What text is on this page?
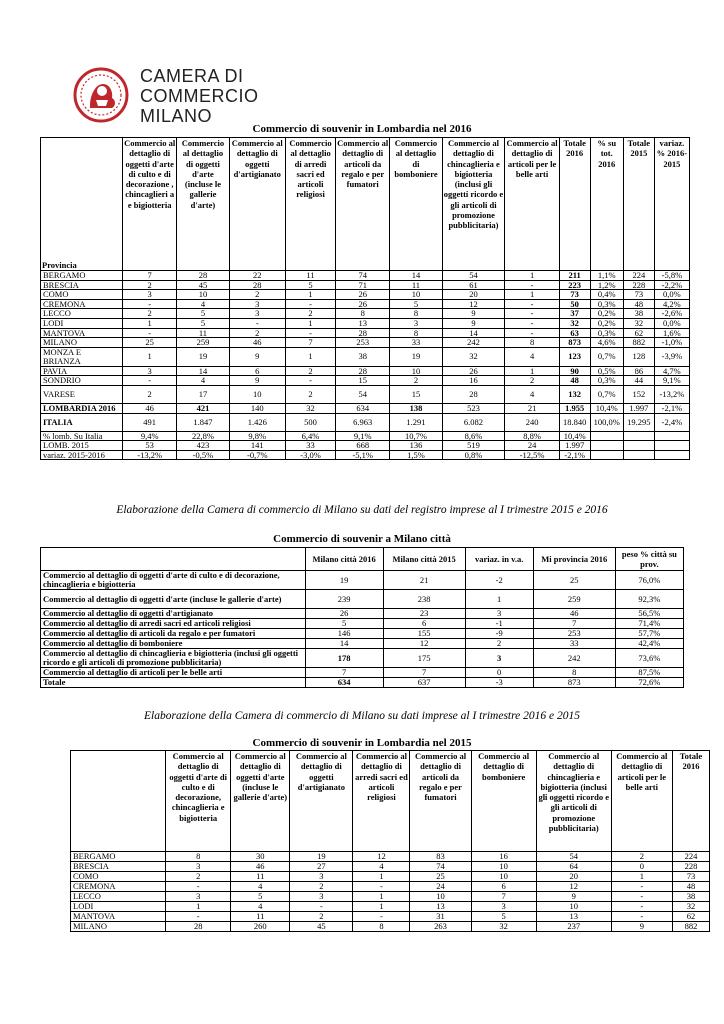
CAMERA DI
COMMERCIO
MILANO
Commercio di souvenir in Lombardia nel 2016
Provincia	Commercio al dettaglio di oggetti d'arte di culto e di decorazione , chincaglieri a e bigiotteria	Commercio al dettaglio di oggetti d'arte (incluse le gallerie d'arte)	Commercio al dettaglio di oggetti d'artigianato	Commercio al dettaglio di arredi sacri ed articoli religiosi	Commercio al dettaglio di articoli da regalo e per fumatori	Commercio al dettaglio di bomboniere	Commercio al dettaglio di chincaglieria e bigiotteria (inclusi gli oggetti ricordo e gli articoli di promozione pubblicitaria)	Commercio al dettaglio di articoli per le belle arti	Totale 2016	% su tot. 2016	Totale 2015	variaz. % 2016-2015
BERGAMO	7	28	22	11	74	14	54	1	211	1,1%	224	-5,8%
BRESCIA	2	45	28	5	71	11	61	-	223	1,2%	228	-2,2%
COMO	3	10	2	1	26	10	20	1	73	0,4%	73	0,0%
CREMONA	-	4	3	-	26	5	12	-	50	0,3%	48	4,2%
LECCO	2	5	3	2	8	8	9	-	37	0,2%	38	-2,6%
LODI	1	5	-	1	13	3	9	-	32	0,2%	32	0,0%
MANTOVA	-	11	2	-	28	8	14	-	63	0,3%	62	1,6%
MILANO	25	259	46	7	253	33	242	8	873	4,6%	882	-1,0%
MONZA E BRIANZA	1	19	9	1	38	19	32	4	123	0,7%	128	-3,9%
PAVIA	3	14	6	2	28	10	26	1	90	0,5%	86	4,7%
SONDRIO	-	4	9	-	15	2	16	2	48	0,3%	44	9,1%
VARESE	2	17	10	2	54	15	28	4	132	0,7%	152	-13,2%
LOMBARDIA 2016	46	421	140	32	634	138	523	21	1.955	10,4%	1.997	-2,1%
ITALIA	491	1.847	1.426	500	6.963	1.291	6.082	240	18.840	100,0%	19.295	-2,4%
% lomb. Su Italia	9,4%	22,8%	9,8%	6,4%	9,1%	10,7%	8,6%	8,8%	10,4%			
LOMB. 2015	53	423	141	33	668	136	519	24	1.997			
variaz. 2015-2016	-13,2%	-0,5%	-0,7%	-3,0%	-5,1%	1,5%	0,8%	-12,5%	-2,1%			
Elaborazione della Camera di commercio di Milano su dati del registro imprese al I trimestre 2015 e 2016
Commercio di souvenir a Milano città
	Milano città 2016	Milano città 2015	variaz. in v.a.	Mi provincia 2016	peso % città su prov.
Commercio al dettaglio di oggetti d'arte di culto e di decorazione, chincaglieria e bigiotteria	19	21	-2	25	76,0%
Commercio al dettaglio di oggetti d'arte (incluse le gallerie d'arte)	239	238	1	259	92,3%
Commercio al dettaglio di oggetti d'artigianato	26	23	3	46	56,5%
Commercio al dettaglio di arredi sacri ed articoli religiosi	5	6	-1	7	71,4%
Commercio al dettaglio di articoli da regalo e per fumatori	146	155	-9	253	57,7%
Commercio al dettaglio di bomboniere	14	12	2	33	42,4%
Commercio al dettaglio di chincaglieria e bigiotteria (inclusi gli oggetti ricordo e gli articoli di promozione pubblicitaria)	178	175	3	242	73,6%
Commercio al dettaglio di articoli per le belle arti	7	7	0	8	87,5%
Totale	634	637	-3	873	72,6%
Elaborazione della Camera di commercio di Milano su dati imprese al I trimestre 2016 e 2015
Commercio di souvenir in Lombardia nel 2015
	Commercio al dettaglio di oggetti d'arte di culto e di decorazione, chincaglieria e bigiotteria	Commercio al dettaglio di oggetti d'arte (incluse le gallerie d'arte)	Commercio al dettaglio di oggetti d'artigianato	Commercio al dettaglio di arredi sacri ed articoli religiosi	Commercio al dettaglio di articoli da regalo e per fumatori	Commercio al dettaglio di bomboniere	Commercio al dettaglio di chincaglieria e bigiotteria (inclusi gli oggetti ricordo e gli articoli di promozione pubblicitaria)	Commercio al dettaglio di articoli per le belle arti	Totale 2016
BERGAMO	8	30	19	12	83	16	54	2	224
BRESCIA	3	46	27	4	74	10	64	0	228
COMO	2	11	3	1	25	10	20	1	73
CREMONA	-	4	2	-	24	6	12	-	48
LECCO	3	5	3	1	10	7	9	-	38
LODI	1	4	-	1	13	3	10	-	32
MANTOVA	-	11	2	-	31	5	13	-	62
MILANO	28	260	45	8	263	32	237	9	882
